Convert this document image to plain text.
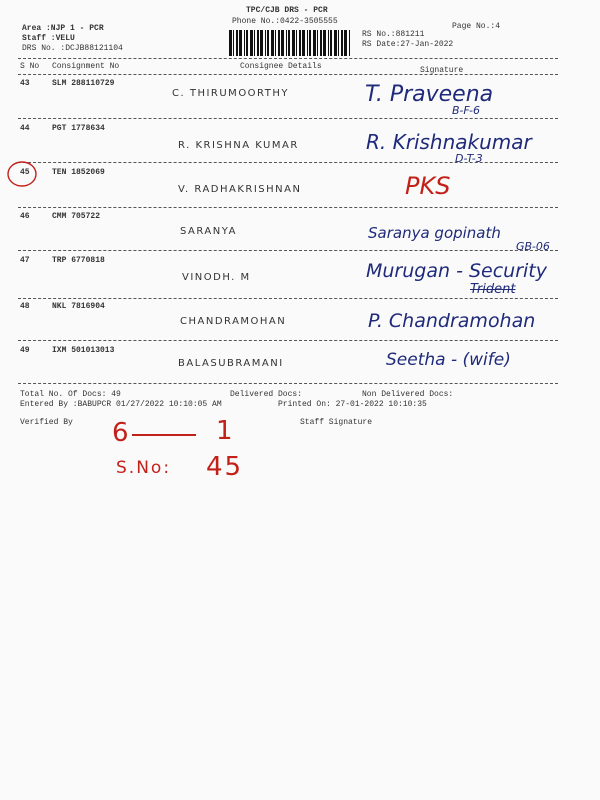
TPC/CJB DRS - PCR
Phone No.:0422-3505555
Area :NJP 1 - PCR
Staff :VELU
DRS No. :DCJB88121104
Page No.:4
RS No.:881211
RS Date:27-Jan-2022
S No Consignment No	Consignee Details	Signature
43	SLM 288110729
C. THIRUMOORTHY	T. Praveena
B-F-6
44	PGT 1778634
R. KRISHNA KUMAR	R. Krishnakumar
D-T-3
45	TEN 1852069
V. RADHAKRISHNAN	PKS
46	CMM 705722
SARANYA	Saranya gopinath
GB-06
47	TRP 6770818
VINODH. M	Murugan - Security
Trident
48	NKL 7816904
CHANDRAMOHAN	P. Chandramohan
49	IXM 501013013
BALASUBRAMANI	Seetha - (wife)
Total No. Of Docs: 49	Delivered Docs:	Non Delivered Docs:
Entered By :BABUPCR 01/27/2022 10:10:05 AM	Printed On: 27-01-2022 10:10:35
Verified By	Staff Signature
6	1
S.No: 45
